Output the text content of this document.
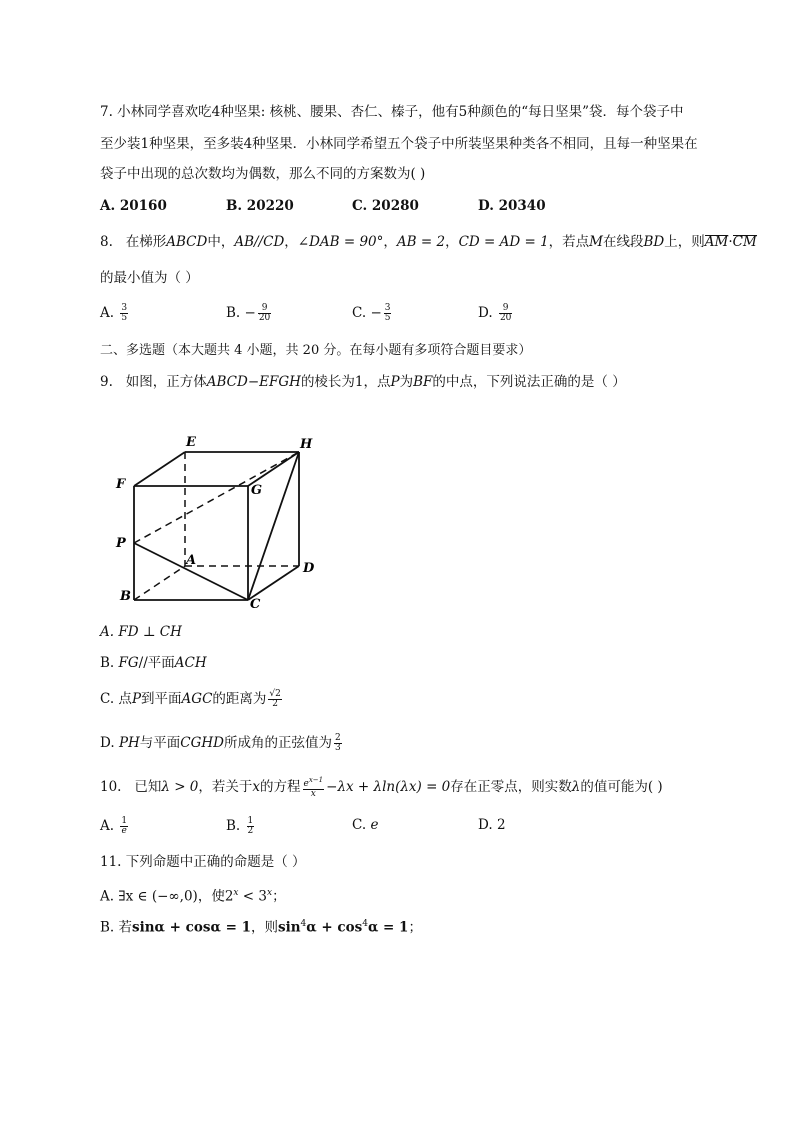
7. 小林同学喜欢吃4种坚果: 核桃、腰果、杏仁、榛子，他有5种颜色的“每日坚果”袋．每个袋子中
至少装1种坚果，至多装4种坚果．小林同学希望五个袋子中所装坚果种类各不相同，且每一种坚果在
袋子中出现的总次数均为偶数，那么不同的方案数为( )
A. 20160	B. 20220	C. 20280	D. 20340
8. 在梯形ABCD中，AB//CD，∠DAB = 90°，AB = 2，CD = AD = 1，若点M在线段BD上，则AM·CM
的最小值为（ ）
A. $\frac{3}{5}$	B. − $\frac{9}{20}$	C. − $\frac{3}{5}$	D. $\frac{9}{20}$
二、多选题（本大题共 4 小题，共 20 分。在每小题有多项符合题目要求）
9. 如图，正方体ABCD−EFGH的棱长为1，点P为BF的中点，下列说法正确的是（ ）
E	H
F	G
P
A
D
B
C
A. FD ⊥ CH
B. FG//平面ACH
C. 点P到平面AGC的距离为 $\frac{√2}{2}$
D. PH与平面CGHD所成角的正弦值为 $\frac{2}{3}$
10. 已知λ > 0，若关于x的方程 $\frac{e^{x-1}}{x} -\lambda x + \lambda\ln(\lambda x) = 0$存在正零点，则实数λ的值可能为( )
A. $\frac{1}{e}$	B. $\frac{1}{2}$	C. e	D. 2
11. 下列命题中正确的命题是（ ）
A. ∃x ∈ (−∞,0)，使$2^x < 3^x$；
B. 若sinα + cosα = 1，则$\sin^4\alpha + \cos^4\alpha = 1$；
